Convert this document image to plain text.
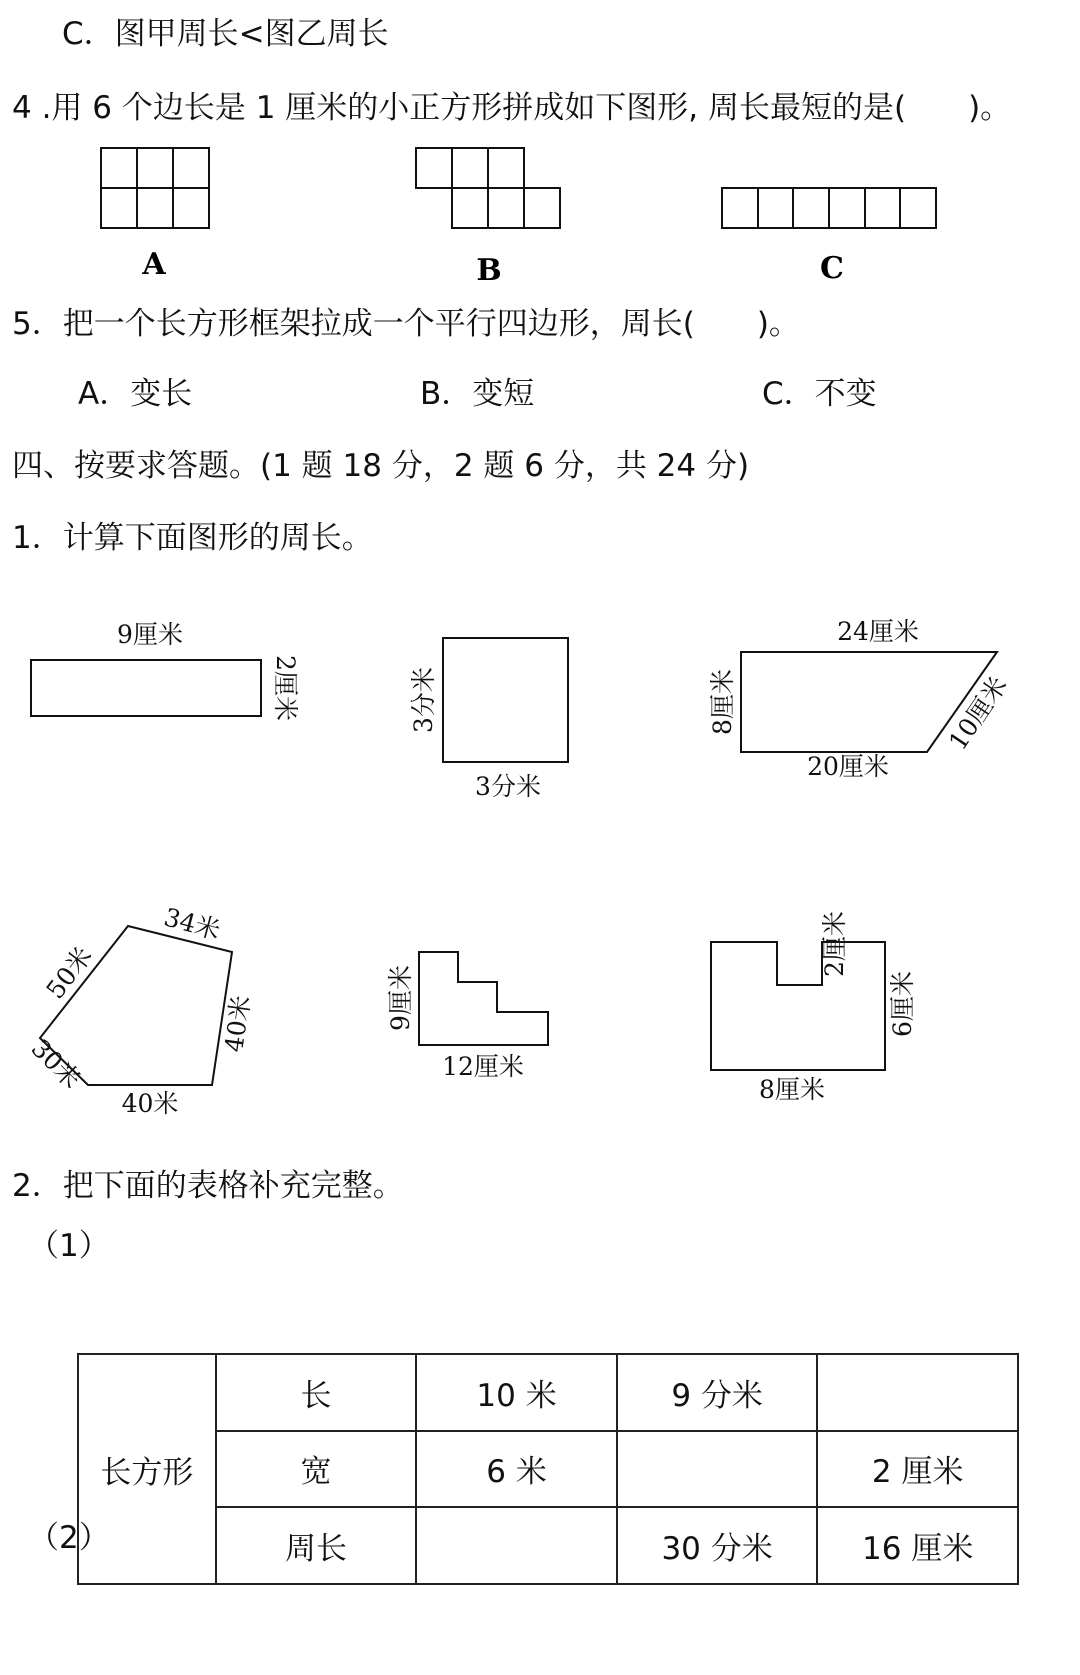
C．图甲周长<图乙周长
4 .用 6 个边长是 1 厘米的小正方形拼成如下图形, 周长最短的是(　　)。
5．把一个长方形框架拉成一个平行四边形，周长(　　)。
A．变长	B．变短	C．不变
四、按要求答题。(1 题 18 分，2 题 6 分，共 24 分)
1．计算下面图形的周长。
2．把下面的表格补充完整。
（1）
（2）
A	B	C
9厘米
2厘米	3分米
3分米
24厘米
8厘米
20厘米
10厘米
34米
50米
40米
40米
30米
9厘米
12厘米
2厘米
6厘米
8厘米
长方形	长	10 米	9 分米	
	宽	6 米		2 厘米
	周长		30 分米	16 厘米
